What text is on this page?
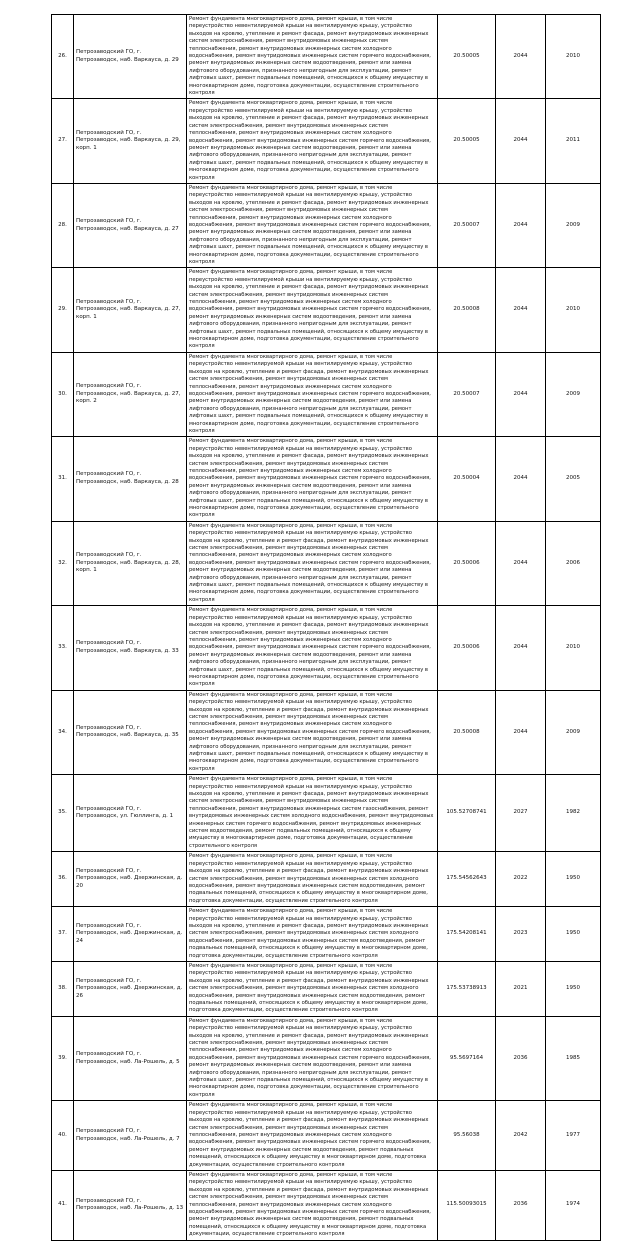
26.	Петрозаводский ГО, г. Петрозаводск, наб. Варкауса, д. 29	Ремонт фундамента многоквартирного дома, ремонт крыши, в том числе переустройство невентилируемой крыши на вентилируемую крышу, устройство выходов на кровлю, утепление и ремонт фасада, ремонт внутридомовых инженерных систем электроснабжения, ремонт внутридомовых инженерных систем теплоснабжения, ремонт внутридомовых инженерных систем холодного водоснабжения, ремонт внутридомовых инженерных систем горячего водоснабжения, ремонт внутридомовых инженерных систем водоотведения, ремонт или замена лифтового оборудования, признанного непригодным для эксплуатации, ремонт лифтовых шахт, ремонт подвальных помещений, относящихся к общему имуществу в многоквартирном доме, подготовка документации, осуществление строительного контроля	20.50005	2044	2010
27.	Петрозаводский ГО, г. Петрозаводск, наб. Варкауса, д. 29, корп. 1	Ремонт фундамента многоквартирного дома, ремонт крыши, в том числе переустройство невентилируемой крыши на вентилируемую крышу, устройство выходов на кровлю, утепление и ремонт фасада, ремонт внутридомовых инженерных систем электроснабжения, ремонт внутридомовых инженерных систем теплоснабжения, ремонт внутридомовых инженерных систем холодного водоснабжения, ремонт внутридомовых инженерных систем горячего водоснабжения, ремонт внутридомовых инженерных систем водоотведения, ремонт или замена лифтового оборудования, признанного непригодным для эксплуатации, ремонт лифтовых шахт, ремонт подвальных помещений, относящихся к общему имуществу в многоквартирном доме, подготовка документации, осуществление строительного контроля	20.50005	2044	2011
28.	Петрозаводский ГО, г. Петрозаводск, наб. Варкауса, д. 27	Ремонт фундамента многоквартирного дома, ремонт крыши, в том числе переустройство невентилируемой крыши на вентилируемую крышу, устройство выходов на кровлю, утепление и ремонт фасада, ремонт внутридомовых инженерных систем электроснабжения, ремонт внутридомовых инженерных систем теплоснабжения, ремонт внутридомовых инженерных систем холодного водоснабжения, ремонт внутридомовых инженерных систем горячего водоснабжения, ремонт внутридомовых инженерных систем водоотведения, ремонт или замена лифтового оборудования, признанного непригодным для эксплуатации, ремонт лифтовых шахт, ремонт подвальных помещений, относящихся к общему имуществу в многоквартирном доме, подготовка документации, осуществление строительного контроля	20.50007	2044	2009
29.	Петрозаводский ГО, г. Петрозаводск, наб. Варкауса, д. 27, корп. 1	Ремонт фундамента многоквартирного дома, ремонт крыши, в том числе переустройство невентилируемой крыши на вентилируемую крышу, устройство выходов на кровлю, утепление и ремонт фасада, ремонт внутридомовых инженерных систем электроснабжения, ремонт внутридомовых инженерных систем теплоснабжения, ремонт внутридомовых инженерных систем холодного водоснабжения, ремонт внутридомовых инженерных систем горячего водоснабжения, ремонт внутридомовых инженерных систем водоотведения, ремонт или замена лифтового оборудования, признанного непригодным для эксплуатации, ремонт лифтовых шахт, ремонт подвальных помещений, относящихся к общему имуществу в многоквартирном доме, подготовка документации, осуществление строительного контроля	20.50008	2044	2010
30.	Петрозаводский ГО, г. Петрозаводск, наб. Варкауса, д. 27, корп. 2	Ремонт фундамента многоквартирного дома, ремонт крыши, в том числе переустройство невентилируемой крыши на вентилируемую крышу, устройство выходов на кровлю, утепление и ремонт фасада, ремонт внутридомовых инженерных систем электроснабжения, ремонт внутридомовых инженерных систем теплоснабжения, ремонт внутридомовых инженерных систем холодного водоснабжения, ремонт внутридомовых инженерных систем горячего водоснабжения, ремонт внутридомовых инженерных систем водоотведения, ремонт или замена лифтового оборудования, признанного непригодным для эксплуатации, ремонт лифтовых шахт, ремонт подвальных помещений, относящихся к общему имуществу в многоквартирном доме, подготовка документации, осуществление строительного контроля	20.50007	2044	2009
31.	Петрозаводский ГО, г. Петрозаводск, наб. Варкауса, д. 28	Ремонт фундамента многоквартирного дома, ремонт крыши, в том числе переустройство невентилируемой крыши на вентилируемую крышу, устройство выходов на кровлю, утепление и ремонт фасада, ремонт внутридомовых инженерных систем электроснабжения, ремонт внутридомовых инженерных систем теплоснабжения, ремонт внутридомовых инженерных систем холодного водоснабжения, ремонт внутридомовых инженерных систем горячего водоснабжения, ремонт внутридомовых инженерных систем водоотведения, ремонт или замена лифтового оборудования, признанного непригодным для эксплуатации, ремонт лифтовых шахт, ремонт подвальных помещений, относящихся к общему имуществу в многоквартирном доме, подготовка документации, осуществление строительного контроля	20.50004	2044	2005
32.	Петрозаводский ГО, г. Петрозаводск, наб. Варкауса, д. 28, корп. 1	Ремонт фундамента многоквартирного дома, ремонт крыши, в том числе переустройство невентилируемой крыши на вентилируемую крышу, устройство выходов на кровлю, утепление и ремонт фасада, ремонт внутридомовых инженерных систем электроснабжения, ремонт внутридомовых инженерных систем теплоснабжения, ремонт внутридомовых инженерных систем холодного водоснабжения, ремонт внутридомовых инженерных систем горячего водоснабжения, ремонт внутридомовых инженерных систем водоотведения, ремонт или замена лифтового оборудования, признанного непригодным для эксплуатации, ремонт лифтовых шахт, ремонт подвальных помещений, относящихся к общему имуществу в многоквартирном доме, подготовка документации, осуществление строительного контроля	20.50006	2044	2006
33.	Петрозаводский ГО, г. Петрозаводск, наб. Варкауса, д. 33	Ремонт фундамента многоквартирного дома, ремонт крыши, в том числе переустройство невентилируемой крыши на вентилируемую крышу, устройство выходов на кровлю, утепление и ремонт фасада, ремонт внутридомовых инженерных систем электроснабжения, ремонт внутридомовых инженерных систем теплоснабжения, ремонт внутридомовых инженерных систем холодного водоснабжения, ремонт внутридомовых инженерных систем горячего водоснабжения, ремонт внутридомовых инженерных систем водоотведения, ремонт или замена лифтового оборудования, признанного непригодным для эксплуатации, ремонт лифтовых шахт, ремонт подвальных помещений, относящихся к общему имуществу в многоквартирном доме, подготовка документации, осуществление строительного контроля	20.50006	2044	2010
34.	Петрозаводский ГО, г. Петрозаводск, наб. Варкауса, д. 35	Ремонт фундамента многоквартирного дома, ремонт крыши, в том числе переустройство невентилируемой крыши на вентилируемую крышу, устройство выходов на кровлю, утепление и ремонт фасада, ремонт внутридомовых инженерных систем электроснабжения, ремонт внутридомовых инженерных систем теплоснабжения, ремонт внутридомовых инженерных систем холодного водоснабжения, ремонт внутридомовых инженерных систем горячего водоснабжения, ремонт внутридомовых инженерных систем водоотведения, ремонт или замена лифтового оборудования, признанного непригодным для эксплуатации, ремонт лифтовых шахт, ремонт подвальных помещений, относящихся к общему имуществу в многоквартирном доме, подготовка документации, осуществление строительного контроля	20.50008	2044	2009
35.	Петрозаводский ГО, г. Петрозаводск, ул. Гюллинга, д. 1	Ремонт фундамента многоквартирного дома, ремонт крыши, в том числе переустройство невентилируемой крыши на вентилируемую крышу, устройство выходов на кровлю, утепление и ремонт фасада, ремонт внутридомовых инженерных систем электроснабжения, ремонт внутридомовых инженерных систем теплоснабжения, ремонт внутридомовых инженерных систем газоснабжения, ремонт внутридомовых инженерных систем холодного водоснабжения, ремонт внутридомовых инженерных систем горячего водоснабжения, ремонт внутридомовых инженерных систем водоотведения, ремонт подвальных помещений, относящихся к общему имуществу в многоквартирном доме, подготовка документации, осуществление строительного контроля	105.52708741	2027	1982
36.	Петрозаводский ГО, г. Петрозаводск, наб. Дзержинская, д. 20	Ремонт фундамента многоквартирного дома, ремонт крыши, в том числе переустройство невентилируемой крыши на вентилируемую крышу, устройство выходов на кровлю, утепление и ремонт фасада, ремонт внутридомовых инженерных систем электроснабжения, ремонт внутридомовых инженерных систем холодного водоснабжения, ремонт внутридомовых инженерных систем водоотведения, ремонт подвальных помещений, относящихся к общему имуществу в многоквартирном доме, подготовка документации, осуществление строительного контроля	175.54562643	2022	1950
37.	Петрозаводский ГО, г. Петрозаводск, наб. Дзержинская, д. 24	Ремонт фундамента многоквартирного дома, ремонт крыши, в том числе переустройство невентилируемой крыши на вентилируемую крышу, устройство выходов на кровлю, утепление и ремонт фасада, ремонт внутридомовых инженерных систем электроснабжения, ремонт внутридомовых инженерных систем холодного водоснабжения, ремонт внутридомовых инженерных систем водоотведения, ремонт подвальных помещений, относящихся к общему имуществу в многоквартирном доме, подготовка документации, осуществление строительного контроля	175.54208141	2023	1950
38.	Петрозаводский ГО, г. Петрозаводск, наб. Дзержинская, д. 26	Ремонт фундамента многоквартирного дома, ремонт крыши, в том числе переустройство невентилируемой крыши на вентилируемую крышу, устройство выходов на кровлю, утепление и ремонт фасада, ремонт внутридомовых инженерных систем электроснабжения, ремонт внутридомовых инженерных систем холодного водоснабжения, ремонт внутридомовых инженерных систем водоотведения, ремонт подвальных помещений, относящихся к общему имуществу в многоквартирном доме, подготовка документации, осуществление строительного контроля	175.53738913	2021	1950
39.	Петрозаводский ГО, г. Петрозаводск, наб. Ла-Рошель, д. 5	Ремонт фундамента многоквартирного дома, ремонт крыши, в том числе переустройство невентилируемой крыши на вентилируемую крышу, устройство выходов на кровлю, утепление и ремонт фасада, ремонт внутридомовых инженерных систем электроснабжения, ремонт внутридомовых инженерных систем теплоснабжения, ремонт внутридомовых инженерных систем холодного водоснабжения, ремонт внутридомовых инженерных систем горячего водоснабжения, ремонт внутридомовых инженерных систем водоотведения, ремонт или замена лифтового оборудования, признанного непригодным для эксплуатации, ремонт лифтовых шахт, ремонт подвальных помещений, относящихся к общему имуществу в многоквартирном доме, подготовка документации, осуществление строительного контроля	95.5697164	2036	1985
40.	Петрозаводский ГО, г. Петрозаводск, наб. Ла-Рошель, д. 7	Ремонт фундамента многоквартирного дома, ремонт крыши, в том числе переустройство невентилируемой крыши на вентилируемую крышу, устройство выходов на кровлю, утепление и ремонт фасада, ремонт внутридомовых инженерных систем электроснабжения, ремонт внутридомовых инженерных систем теплоснабжения, ремонт внутридомовых инженерных систем холодного водоснабжения, ремонт внутридомовых инженерных систем горячего водоснабжения, ремонт внутридомовых инженерных систем водоотведения, ремонт подвальных помещений, относящихся к общему имуществу в многоквартирном доме, подготовка документации, осуществление строительного контроля	95.56038	2042	1977
41.	Петрозаводский ГО, г. Петрозаводск, наб. Ла-Рошель, д. 13	Ремонт фундамента многоквартирного дома, ремонт крыши, в том числе переустройство невентилируемой крыши на вентилируемую крышу, устройство выходов на кровлю, утепление и ремонт фасада, ремонт внутридомовых инженерных систем электроснабжения, ремонт внутридомовых инженерных систем теплоснабжения, ремонт внутридомовых инженерных систем холодного водоснабжения, ремонт внутридомовых инженерных систем горячего водоснабжения, ремонт внутридомовых инженерных систем водоотведения, ремонт подвальных помещений, относящихся к общему имуществу в многоквартирном доме, подготовка документации, осуществление строительного контроля	115.50093015	2036	1974
